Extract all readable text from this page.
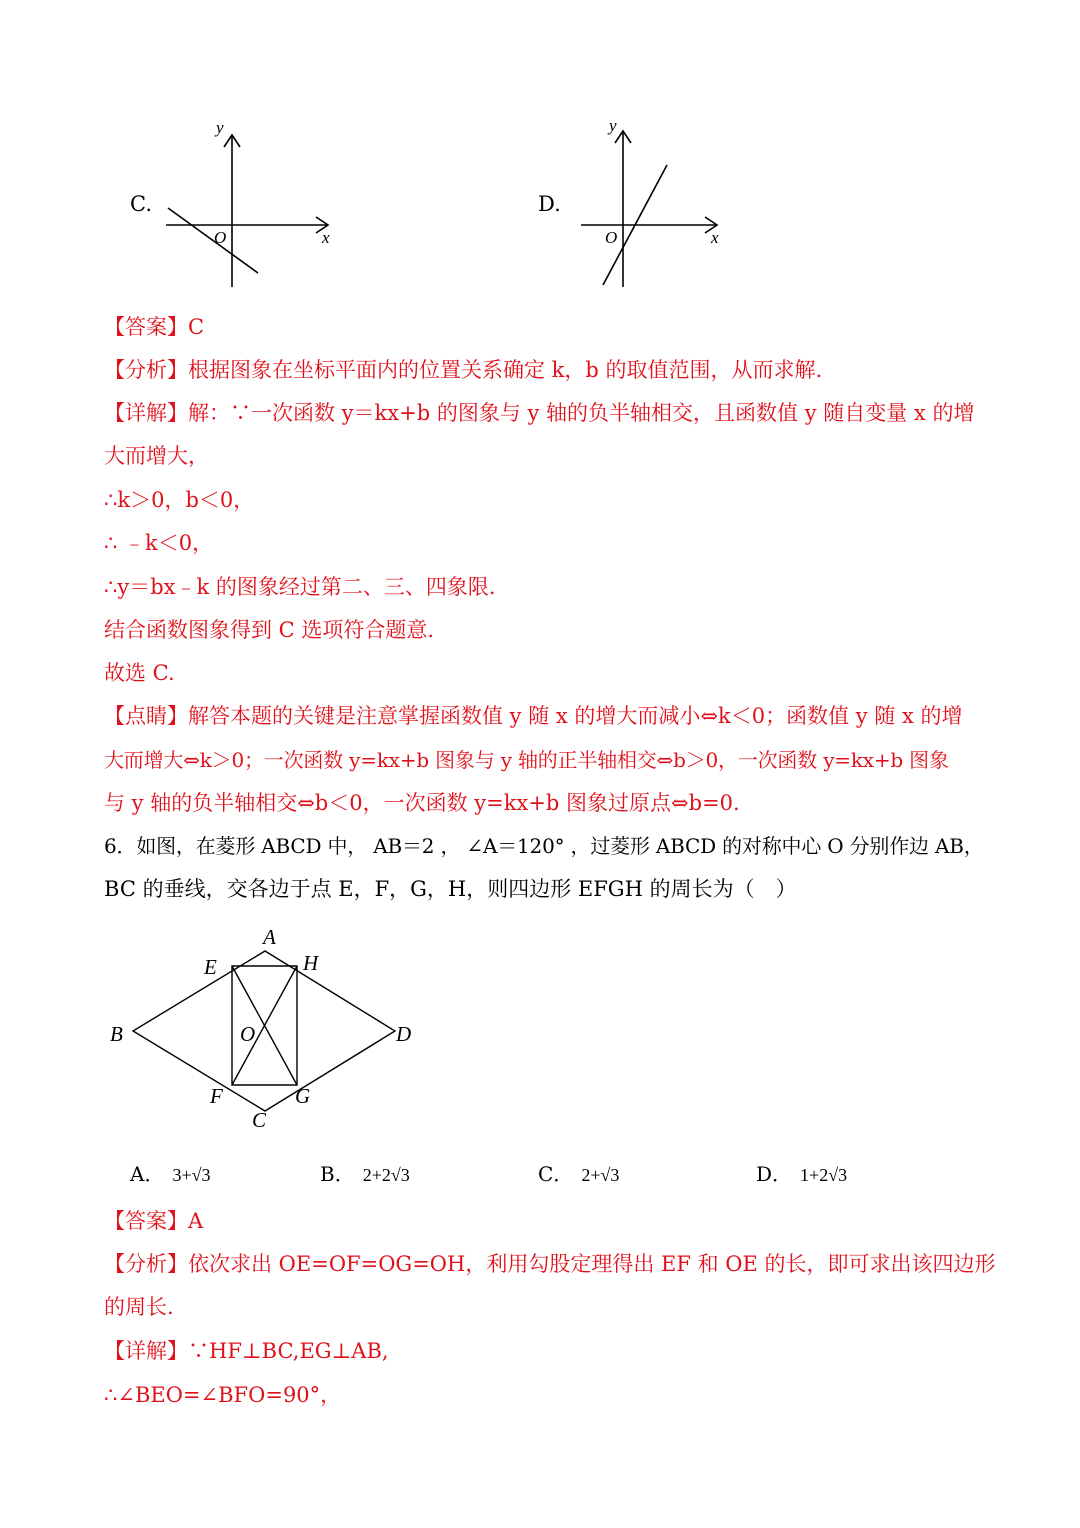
C.
y
x
O
D.
y
x
O
【答案】C
【分析】根据图象在坐标平面内的位置关系确定 k，b 的取值范围，从而求解.
【详解】解：∵一次函数 y＝kx+b 的图象与 y 轴的负半轴相交，且函数值 y 随自变量 x 的增
大而增大，
∴k＞0，b＜0，
∴ ﹣k＜0，
∴y＝bx﹣k 的图象经过第二、三、四象限.
结合函数图象得到 C 选项符合题意.
故选 C.
【点睛】解答本题的关键是注意掌握函数值 y 随 x 的增大而减小⇔k＜0；函数值 y 随 x 的增
大而增大⇔k＞0；一次函数 y=kx+b 图象与 y 轴的正半轴相交⇔b＞0，一次函数 y=kx+b 图象
与 y 轴的负半轴相交⇔b＜0，一次函数 y=kx+b 图象过原点⇔b=0.
6．如图，在菱形 ABCD 中， AB＝2 ， ∠A＝120° ，过菱形 ABCD 的对称中心 O 分别作边 AB，
BC 的垂线，交各边于点 E，F，G，H，则四边形 EFGH 的周长为（　）
A
B
C
D
E	H
F	G
O
A． 3+√3	B． 2+2√3	C． 2+√3	D． 1+2√3
【答案】A
【分析】依次求出 OE=OF=OG=OH，利用勾股定理得出 EF 和 OE 的长，即可求出该四边形
的周长.
【详解】∵HF⊥BC,EG⊥AB,
∴∠BEO=∠BFO=90°，
